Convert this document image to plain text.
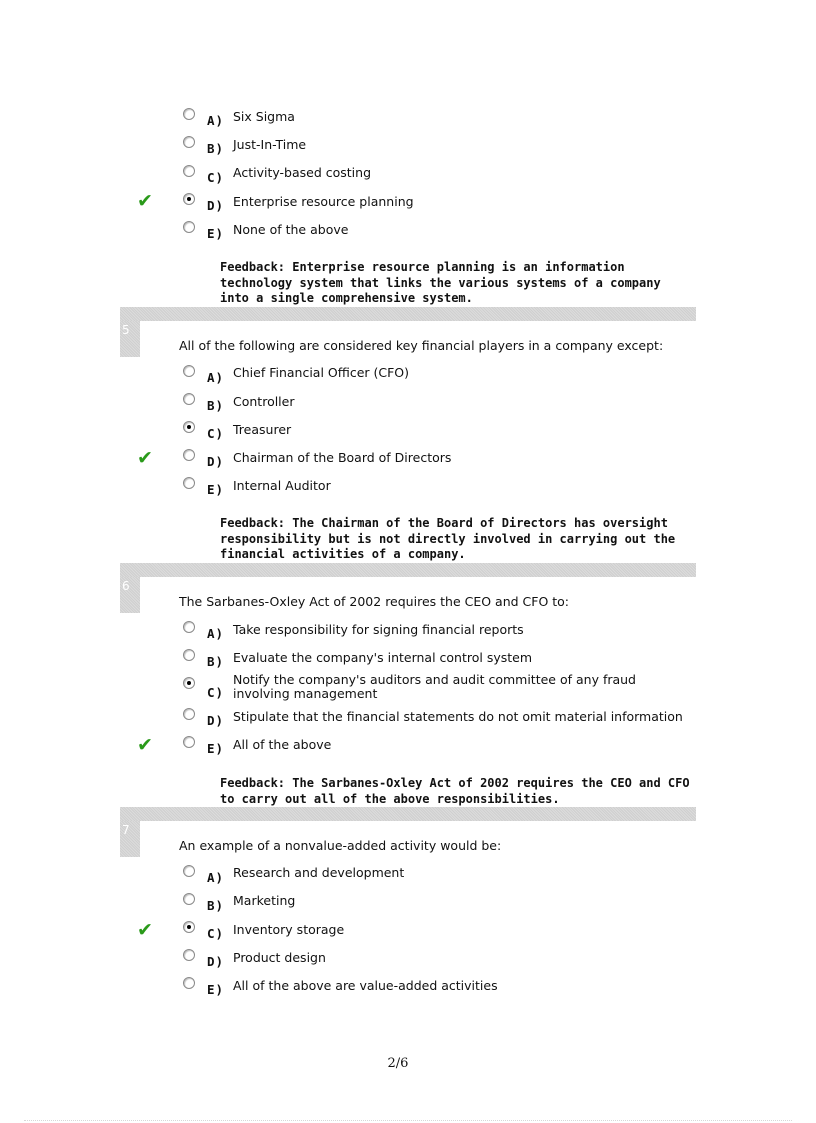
A) Six Sigma
B) Just-In-Time
C) Activity-based costing
✔	D) Enterprise resource planning
E) None of the above
Feedback: Enterprise resource planning is an information technology system that links the various systems of a company into a single comprehensive system.
5
All of the following are considered key financial players in a company except:
A) Chief Financial Officer (CFO)
B) Controller
C) Treasurer
✔	D) Chairman of the Board of Directors
E) Internal Auditor
Feedback: The Chairman of the Board of Directors has oversight responsibility but is not directly involved in carrying out the financial activities of a company.
6
The Sarbanes-Oxley Act of 2002 requires the CEO and CFO to:
A) Take responsibility for signing financial reports
B) Evaluate the company's internal control system
C)
Notify the company's auditors and audit committee of any fraud involving management
D) Stipulate that the financial statements do not omit material information
✔	E) All of the above
Feedback: The Sarbanes-Oxley Act of 2002 requires the CEO and CFO to carry out all of the above responsibilities.
7
An example of a nonvalue-added activity would be:
A) Research and development
B) Marketing
✔	C) Inventory storage
D) Product design
E) All of the above are value-added activities
2/6
